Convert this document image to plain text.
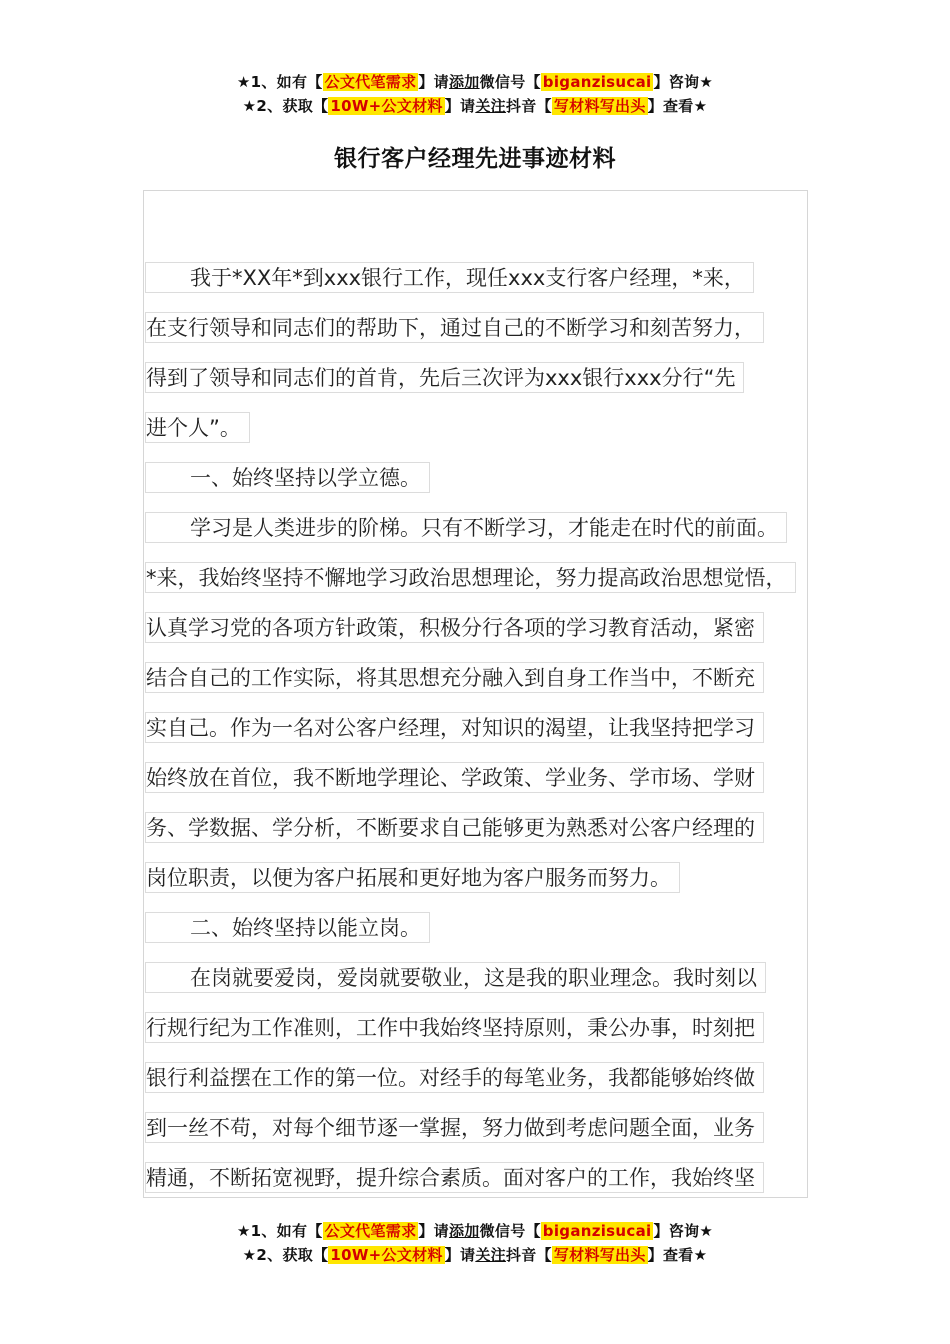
★1、如有【 公文代笔需求 】请添加微信号【 biganzisucai 】咨询★
★2、获取【 10W+公文材料 】请关注抖音【 写材料写出头 】查看★
银行客户经理先进事迹材料
我于*XX年*到xxx银行工作，现任xxx支行客户经理，*来，
在支行领导和同志们的帮助下，通过自己的不断学习和刻苦努力，
得到了领导和同志们的首肯，先后三次评为xxx银行xxx分行“先
进个人”。
一、始终坚持以学立德。
学习是人类进步的阶梯。只有不断学习，才能走在时代的前面。
*来，我始终坚持不懈地学习政治思想理论，努力提高政治思想觉悟，
认真学习党的各项方针政策，积极分行各项的学习教育活动，紧密
结合自己的工作实际，将其思想充分融入到自身工作当中，不断充
实自己。作为一名对公客户经理，对知识的渴望，让我坚持把学习
始终放在首位，我不断地学理论、学政策、学业务、学市场、学财
务、学数据、学分析，不断要求自己能够更为熟悉对公客户经理的
岗位职责，以便为客户拓展和更好地为客户服务而努力。
二、始终坚持以能立岗。
在岗就要爱岗，爱岗就要敬业，这是我的职业理念。我时刻以
行规行纪为工作准则，工作中我始终坚持原则，秉公办事，时刻把
银行利益摆在工作的第一位。对经手的每笔业务，我都能够始终做
到一丝不苟，对每个细节逐一掌握，努力做到考虑问题全面，业务
精通，不断拓宽视野，提升综合素质。面对客户的工作，我始终坚
★1、如有【 公文代笔需求 】请添加微信号【 biganzisucai 】咨询★
★2、获取【 10W+公文材料 】请关注抖音【 写材料写出头 】查看★
